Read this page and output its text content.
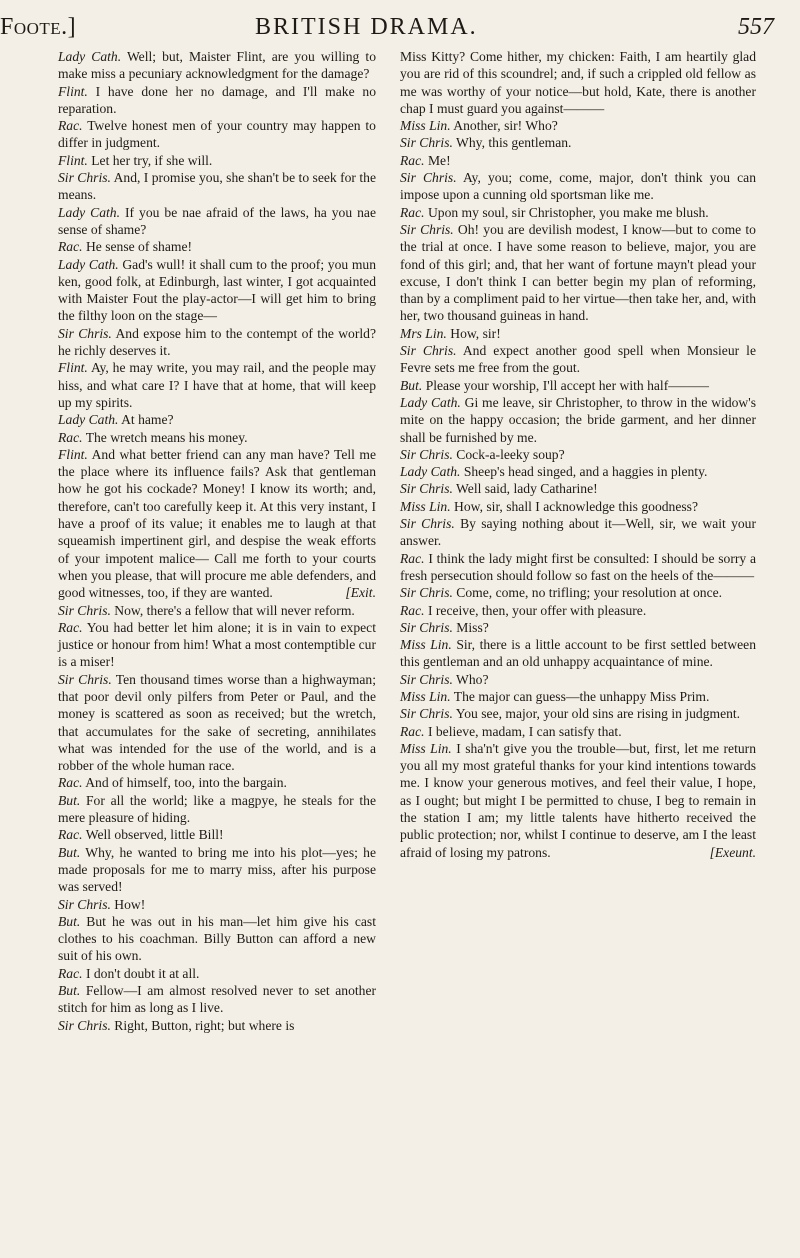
Foote.]	BRITISH DRAMA.	557

Lady Cath. Well; but, Maister Flint, are you willing to make miss a pecuniary acknowledgment for the damage?

Flint. I have done her no damage, and I'll make no reparation.

Rac. Twelve honest men of your country may happen to differ in judgment.

Flint. Let her try, if she will.

Sir Chris. And, I promise you, she shan't be to seek for the means.

Lady Cath. If you be nae afraid of the laws, ha you nae sense of shame?

Rac. He sense of shame!

Lady Cath. Gad's wull! it shall cum to the proof; you mun ken, good folk, at Edinburgh, last winter, I got acquainted with Maister Fout the play-actor—I will get him to bring the filthy loon on the stage—

Sir Chris. And expose him to the contempt of the world? he richly deserves it.

Flint. Ay, he may write, you may rail, and the people may hiss, and what care I? I have that at home, that will keep up my spirits.

Lady Cath. At hame?

Rac. The wretch means his money.

Flint. And what better friend can any man have? Tell me the place where its influence fails? Ask that gentleman how he got his cockade? Money! I know its worth; and, therefore, can't too carefully keep it. At this very instant, I have a proof of its value; it enables me to laugh at that squeamish impertinent girl, and despise the weak efforts of your impotent malice— Call me forth to your courts when you please, that will procure me able defenders, and good witnesses, too, if they are wanted.	[Exit.

Sir Chris. Now, there's a fellow that will never reform.

Rac. You had better let him alone; it is in vain to expect justice or honour from him! What a most contemptible cur is a miser!

Sir Chris. Ten thousand times worse than a highwayman; that poor devil only pilfers from Peter or Paul, and the money is scattered as soon as received; but the wretch, that accumulates for the sake of secreting, annihilates what was intended for the use of the world, and is a robber of the whole human race.

Rac. And of himself, too, into the bargain.

But. For all the world; like a magpye, he steals for the mere pleasure of hiding.

Rac. Well observed, little Bill!

But. Why, he wanted to bring me into his plot—yes; he made proposals for me to marry miss, after his purpose was served!

Sir Chris. How!

But. But he was out in his man—let him give his cast clothes to his coachman. Billy Button can afford a new suit of his own.

Rac. I don't doubt it at all.

But. Fellow—I am almost resolved never to set another stitch for him as long as I live.

Sir Chris. Right, Button, right; but where is

Miss Kitty? Come hither, my chicken: Faith, I am heartily glad you are rid of this scoundrel; and, if such a crippled old fellow as me was worthy of your notice—but hold, Kate, there is another chap I must guard you against———

Miss Lin. Another, sir! Who?

Sir Chris. Why, this gentleman.

Rac. Me!

Sir Chris. Ay, you; come, come, major, don't think you can impose upon a cunning old sportsman like me.

Rac. Upon my soul, sir Christopher, you make me blush.

Sir Chris. Oh! you are devilish modest, I know—but to come to the trial at once. I have some reason to believe, major, you are fond of this girl; and, that her want of fortune mayn't plead your excuse, I don't think I can better begin my plan of reforming, than by a compliment paid to her virtue—then take her, and, with her, two thousand guineas in hand.

Mrs Lin. How, sir!

Sir Chris. And expect another good spell when Monsieur le Fevre sets me free from the gout.

But. Please your worship, I'll accept her with half———

Lady Cath. Gi me leave, sir Christopher, to throw in the widow's mite on the happy occasion; the bride garment, and her dinner shall be furnished by me.

Sir Chris. Cock-a-leeky soup?

Lady Cath. Sheep's head singed, and a haggies in plenty.

Sir Chris. Well said, lady Catharine!

Miss Lin. How, sir, shall I acknowledge this goodness?

Sir Chris. By saying nothing about it—Well, sir, we wait your answer.

Rac. I think the lady might first be consulted: I should be sorry a fresh persecution should follow so fast on the heels of the———

Sir Chris. Come, come, no trifling; your resolution at once.

Rac. I receive, then, your offer with pleasure.

Sir Chris. Miss?

Miss Lin. Sir, there is a little account to be first settled between this gentleman and an old unhappy acquaintance of mine.

Sir Chris. Who?

Miss Lin. The major can guess—the unhappy Miss Prim.

Sir Chris. You see, major, your old sins are rising in judgment.

Rac. I believe, madam, I can satisfy that.

Miss Lin. I sha'n't give you the trouble—but, first, let me return you all my most grateful thanks for your kind intentions towards me. I know your generous motives, and feel their value, I hope, as I ought; but might I be permitted to chuse, I beg to remain in the station I am; my little talents have hitherto received the public protection; nor, whilst I continue to deserve, am I the least afraid of losing my patrons.	[Exeunt.
